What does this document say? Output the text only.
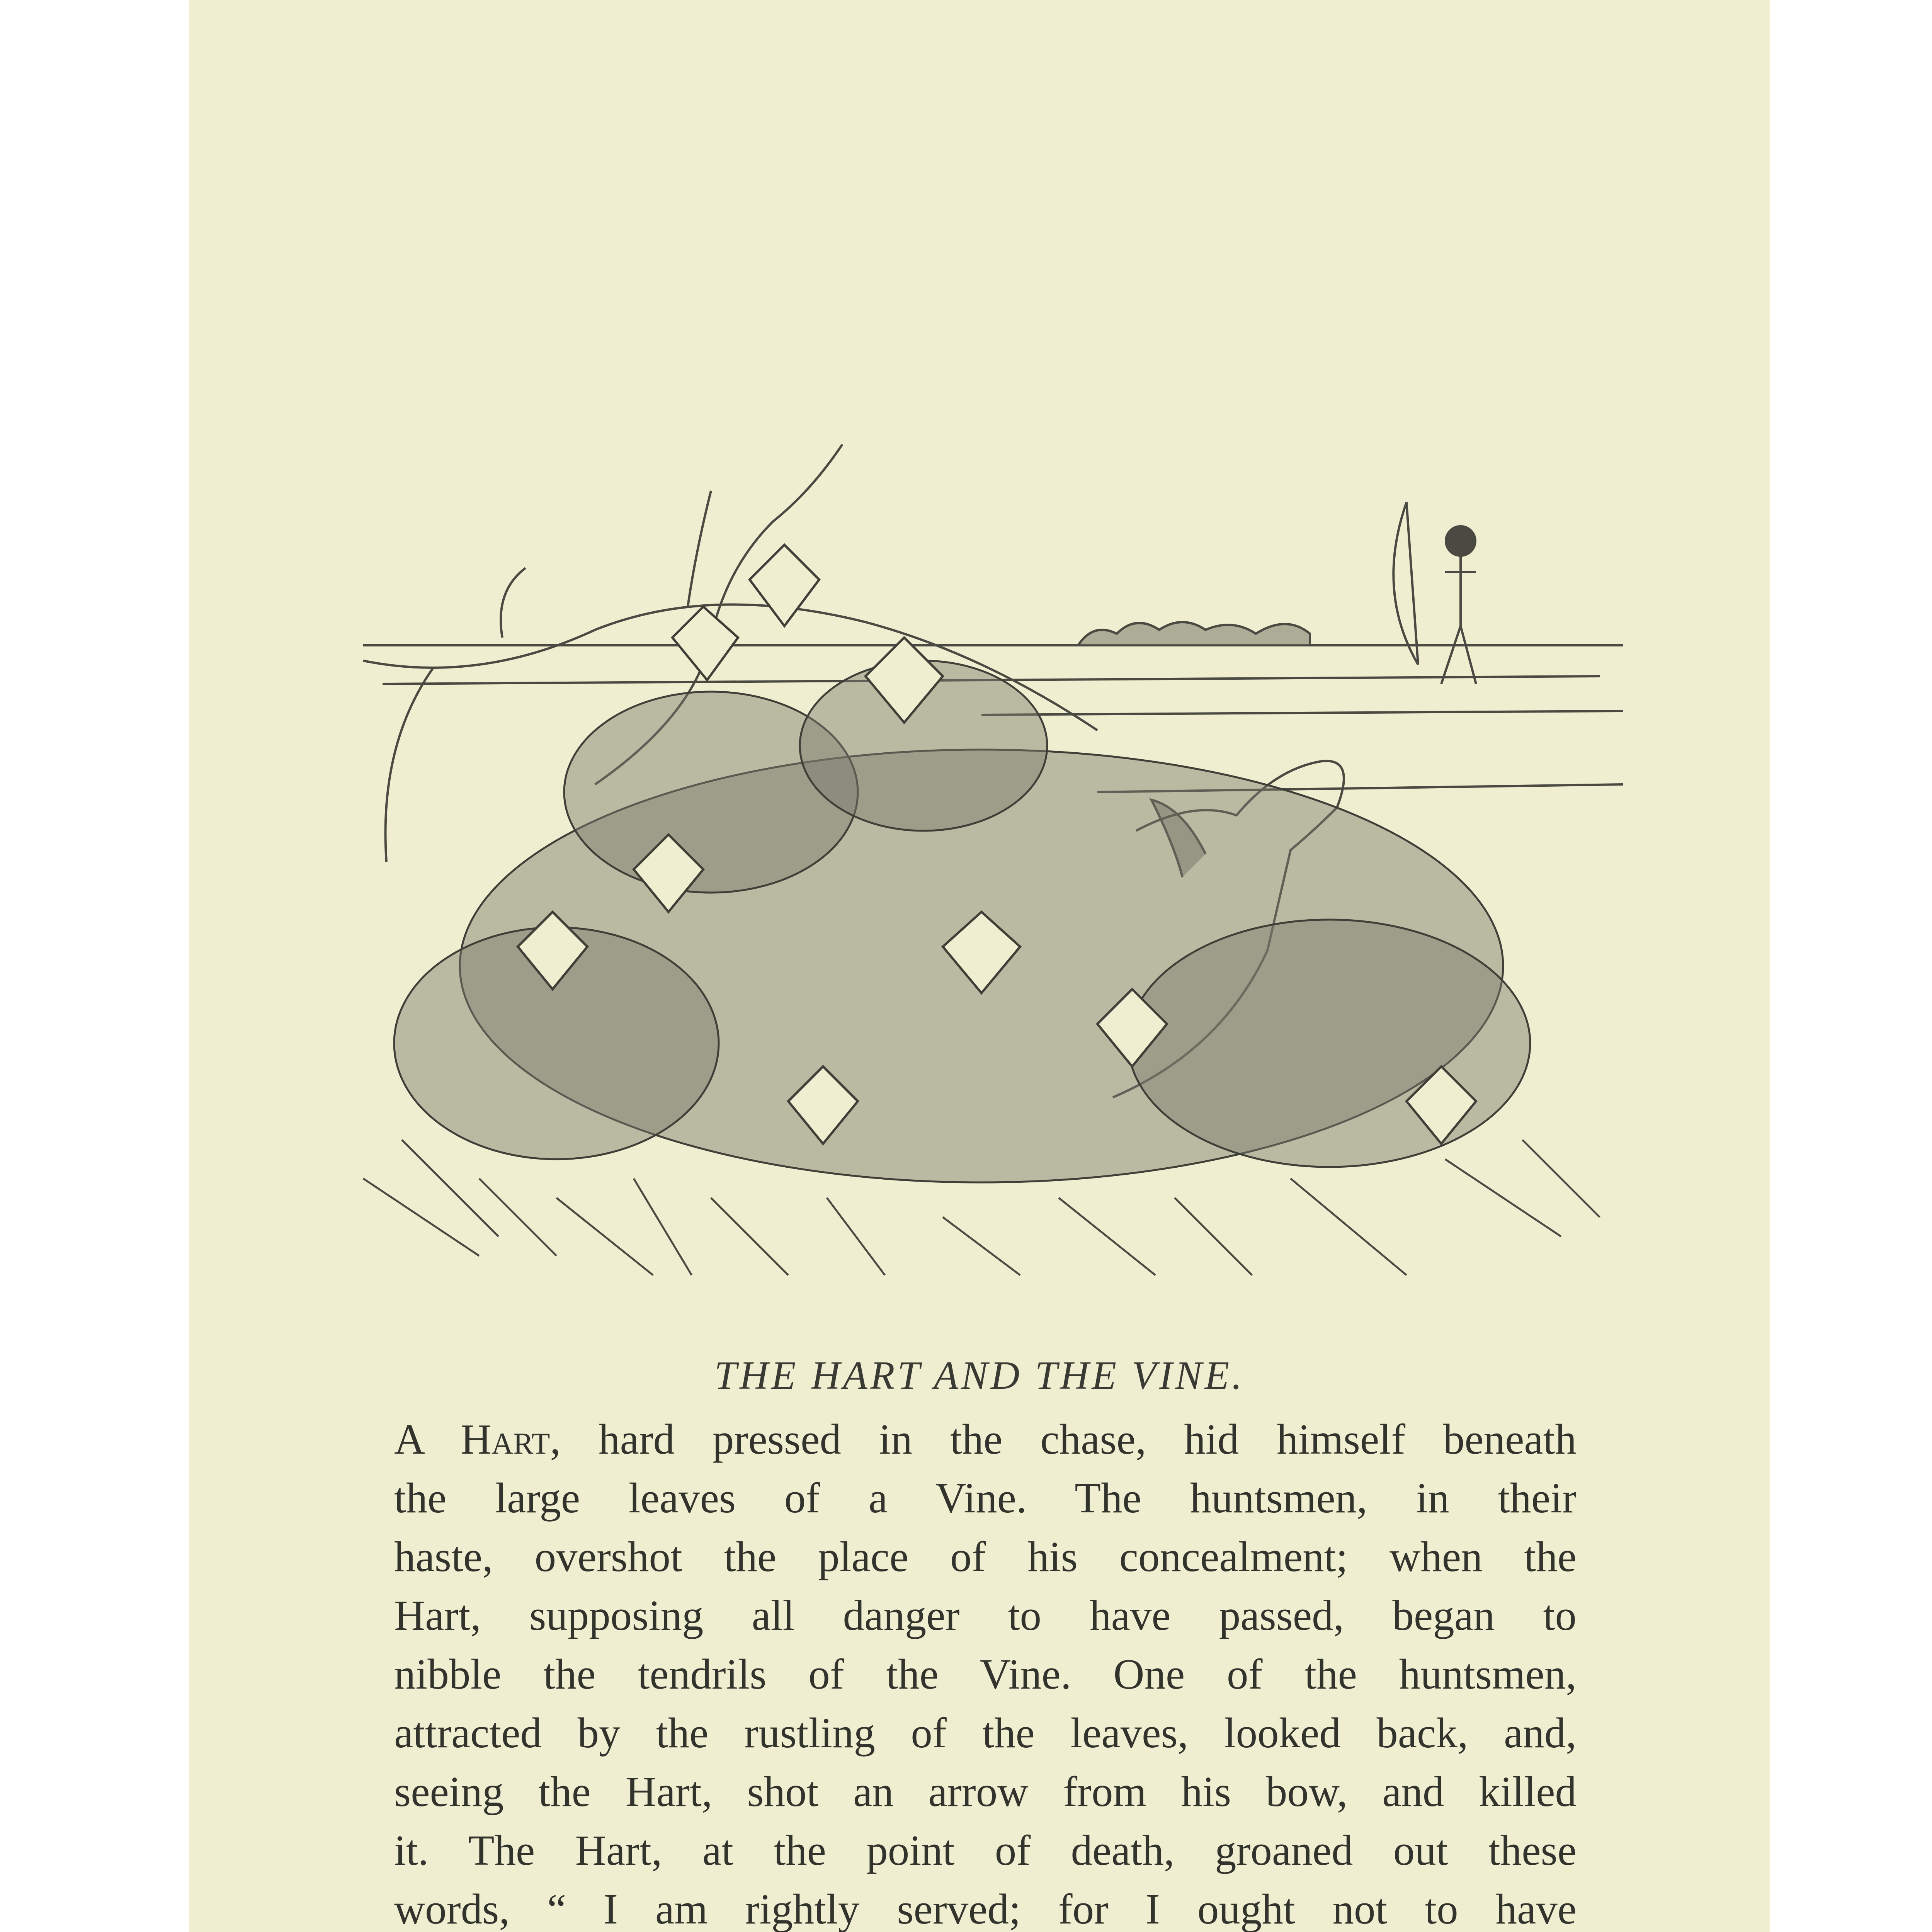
THE HART AND THE VINE.
A Hart, hard pressed in the chase, hid himself beneath
the large leaves of a Vine. The huntsmen, in their
haste, overshot the place of his concealment; when the
Hart, supposing all danger to have passed, began to
nibble the tendrils of the Vine. One of the huntsmen,
attracted by the rustling of the leaves, looked back, and,
seeing the Hart, shot an arrow from his bow, and killed
it. The Hart, at the point of death, groaned out these
words, “ I am rightly served; for I ought not to have
